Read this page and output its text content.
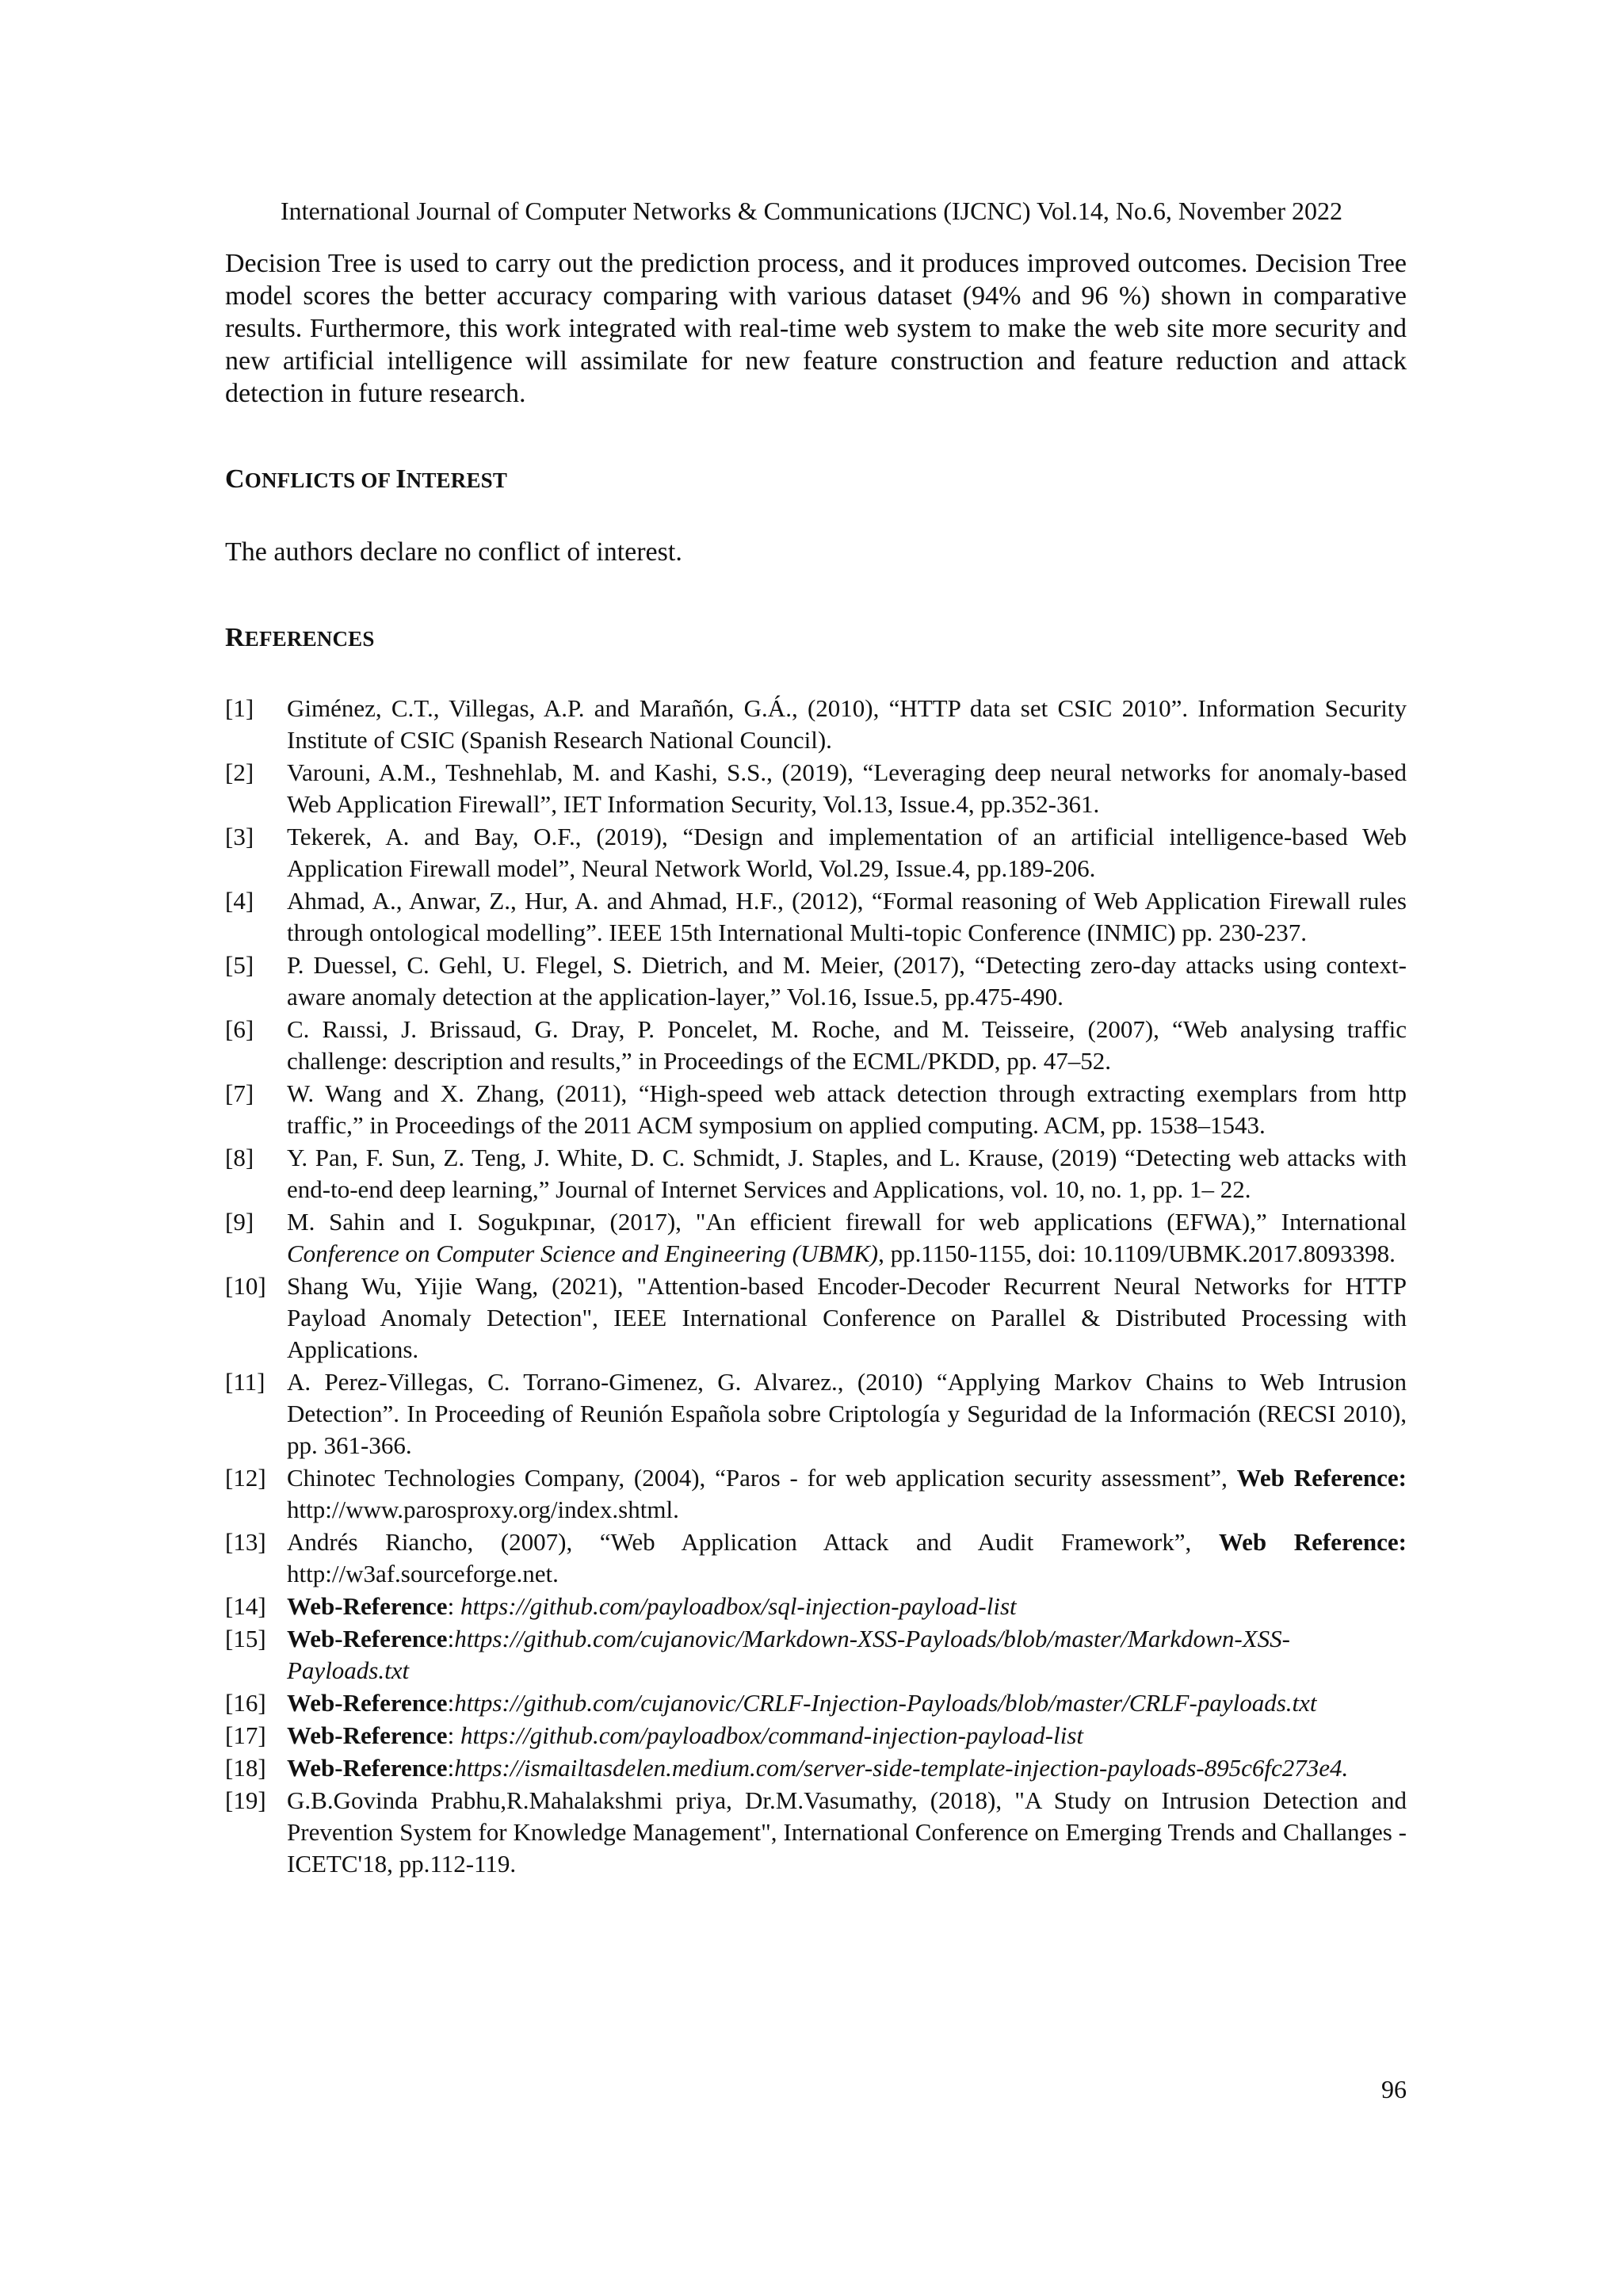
International Journal of Computer Networks & Communications (IJCNC) Vol.14, No.6, November 2022

Decision Tree is used to carry out the prediction process, and it produces improved outcomes. Decision Tree model scores the better accuracy comparing with various dataset (94% and 96 %) shown in comparative results. Furthermore, this work integrated with real-time web system to make the web site more security and new artificial intelligence will assimilate for new feature construction and feature reduction and attack detection in future research.

CONFLICTS OF INTEREST

The authors declare no conflict of interest.

REFERENCES
[1]	Giménez, C.T., Villegas, A.P. and Marañón, G.Á., (2010), “HTTP data set CSIC 2010”. Information Security Institute of CSIC (Spanish Research National Council).
[2]	Varouni, A.M., Teshnehlab, M. and Kashi, S.S., (2019), “Leveraging deep neural networks for anomaly-based Web Application Firewall”, IET Information Security, Vol.13, Issue.4, pp.352-361.
[3]	Tekerek, A. and Bay, O.F., (2019), “Design and implementation of an artificial intelligence-based Web Application Firewall model”, Neural Network World, Vol.29, Issue.4, pp.189-206.
[4]	Ahmad, A., Anwar, Z., Hur, A. and Ahmad, H.F., (2012), “Formal reasoning of Web Application Firewall rules through ontological modelling”. IEEE 15th International Multi-topic Conference (INMIC) pp. 230-237.
[5]	P. Duessel, C. Gehl, U. Flegel, S. Dietrich, and M. Meier, (2017), “Detecting zero-day attacks using context-aware anomaly detection at the application-layer,” Vol.16, Issue.5, pp.475-490.
[6]	C. Raıssi, J. Brissaud, G. Dray, P. Poncelet, M. Roche, and M. Teisseire, (2007), “Web analysing traffic challenge: description and results,” in Proceedings of the ECML/PKDD, pp. 47–52.
[7]	W. Wang and X. Zhang, (2011), “High-speed web attack detection through extracting exemplars from http traffic,” in Proceedings of the 2011 ACM symposium on applied computing. ACM, pp. 1538–1543.
[8]	Y. Pan, F. Sun, Z. Teng, J. White, D. C. Schmidt, J. Staples, and L. Krause, (2019) “Detecting web attacks with end-to-end deep learning,” Journal of Internet Services and Applications, vol. 10, no. 1, pp. 1– 22.
[9]	M. Sahin and I. Sogukpınar, (2017), "An efficient firewall for web applications (EFWA),” International Conference on Computer Science and Engineering (UBMK), pp.1150-1155, doi: 10.1109/UBMK.2017.8093398.
[10] Shang Wu, Yijie Wang, (2021), "Attention-based Encoder-Decoder Recurrent Neural Networks for HTTP Payload Anomaly Detection", IEEE International Conference on Parallel & Distributed Processing with Applications.
[11] A. Perez-Villegas, C. Torrano-Gimenez, G. Alvarez., (2010) “Applying Markov Chains to Web Intrusion Detection”. In Proceeding of Reunión Española sobre Criptología y Seguridad de la Información (RECSI 2010), pp. 361-366.
[12] Chinotec Technologies Company, (2004), “Paros - for web application security assessment”, Web Reference: http://www.parosproxy.org/index.shtml.
[13] Andrés Riancho, (2007), “Web Application Attack and Audit Framework”, Web Reference: http://w3af.sourceforge.net.
[14] Web-Reference: https://github.com/payloadbox/sql-injection-payload-list
[15] Web-Reference:https://github.com/cujanovic/Markdown-XSS-Payloads/blob/master/Markdown-XSS-Payloads.txt
[16] Web-Reference:https://github.com/cujanovic/CRLF-Injection-Payloads/blob/master/CRLF-payloads.txt
[17] Web-Reference: https://github.com/payloadbox/command-injection-payload-list
[18] Web-Reference:https://ismailtasdelen.medium.com/server-side-template-injection-payloads-895c6fc273e4.
[19] G.B.Govinda Prabhu,R.Mahalakshmi priya, Dr.M.Vasumathy, (2018), "A Study on Intrusion Detection and Prevention System for Knowledge Management", International Conference on Emerging Trends and Challanges - ICETC'18, pp.112-119.
96
